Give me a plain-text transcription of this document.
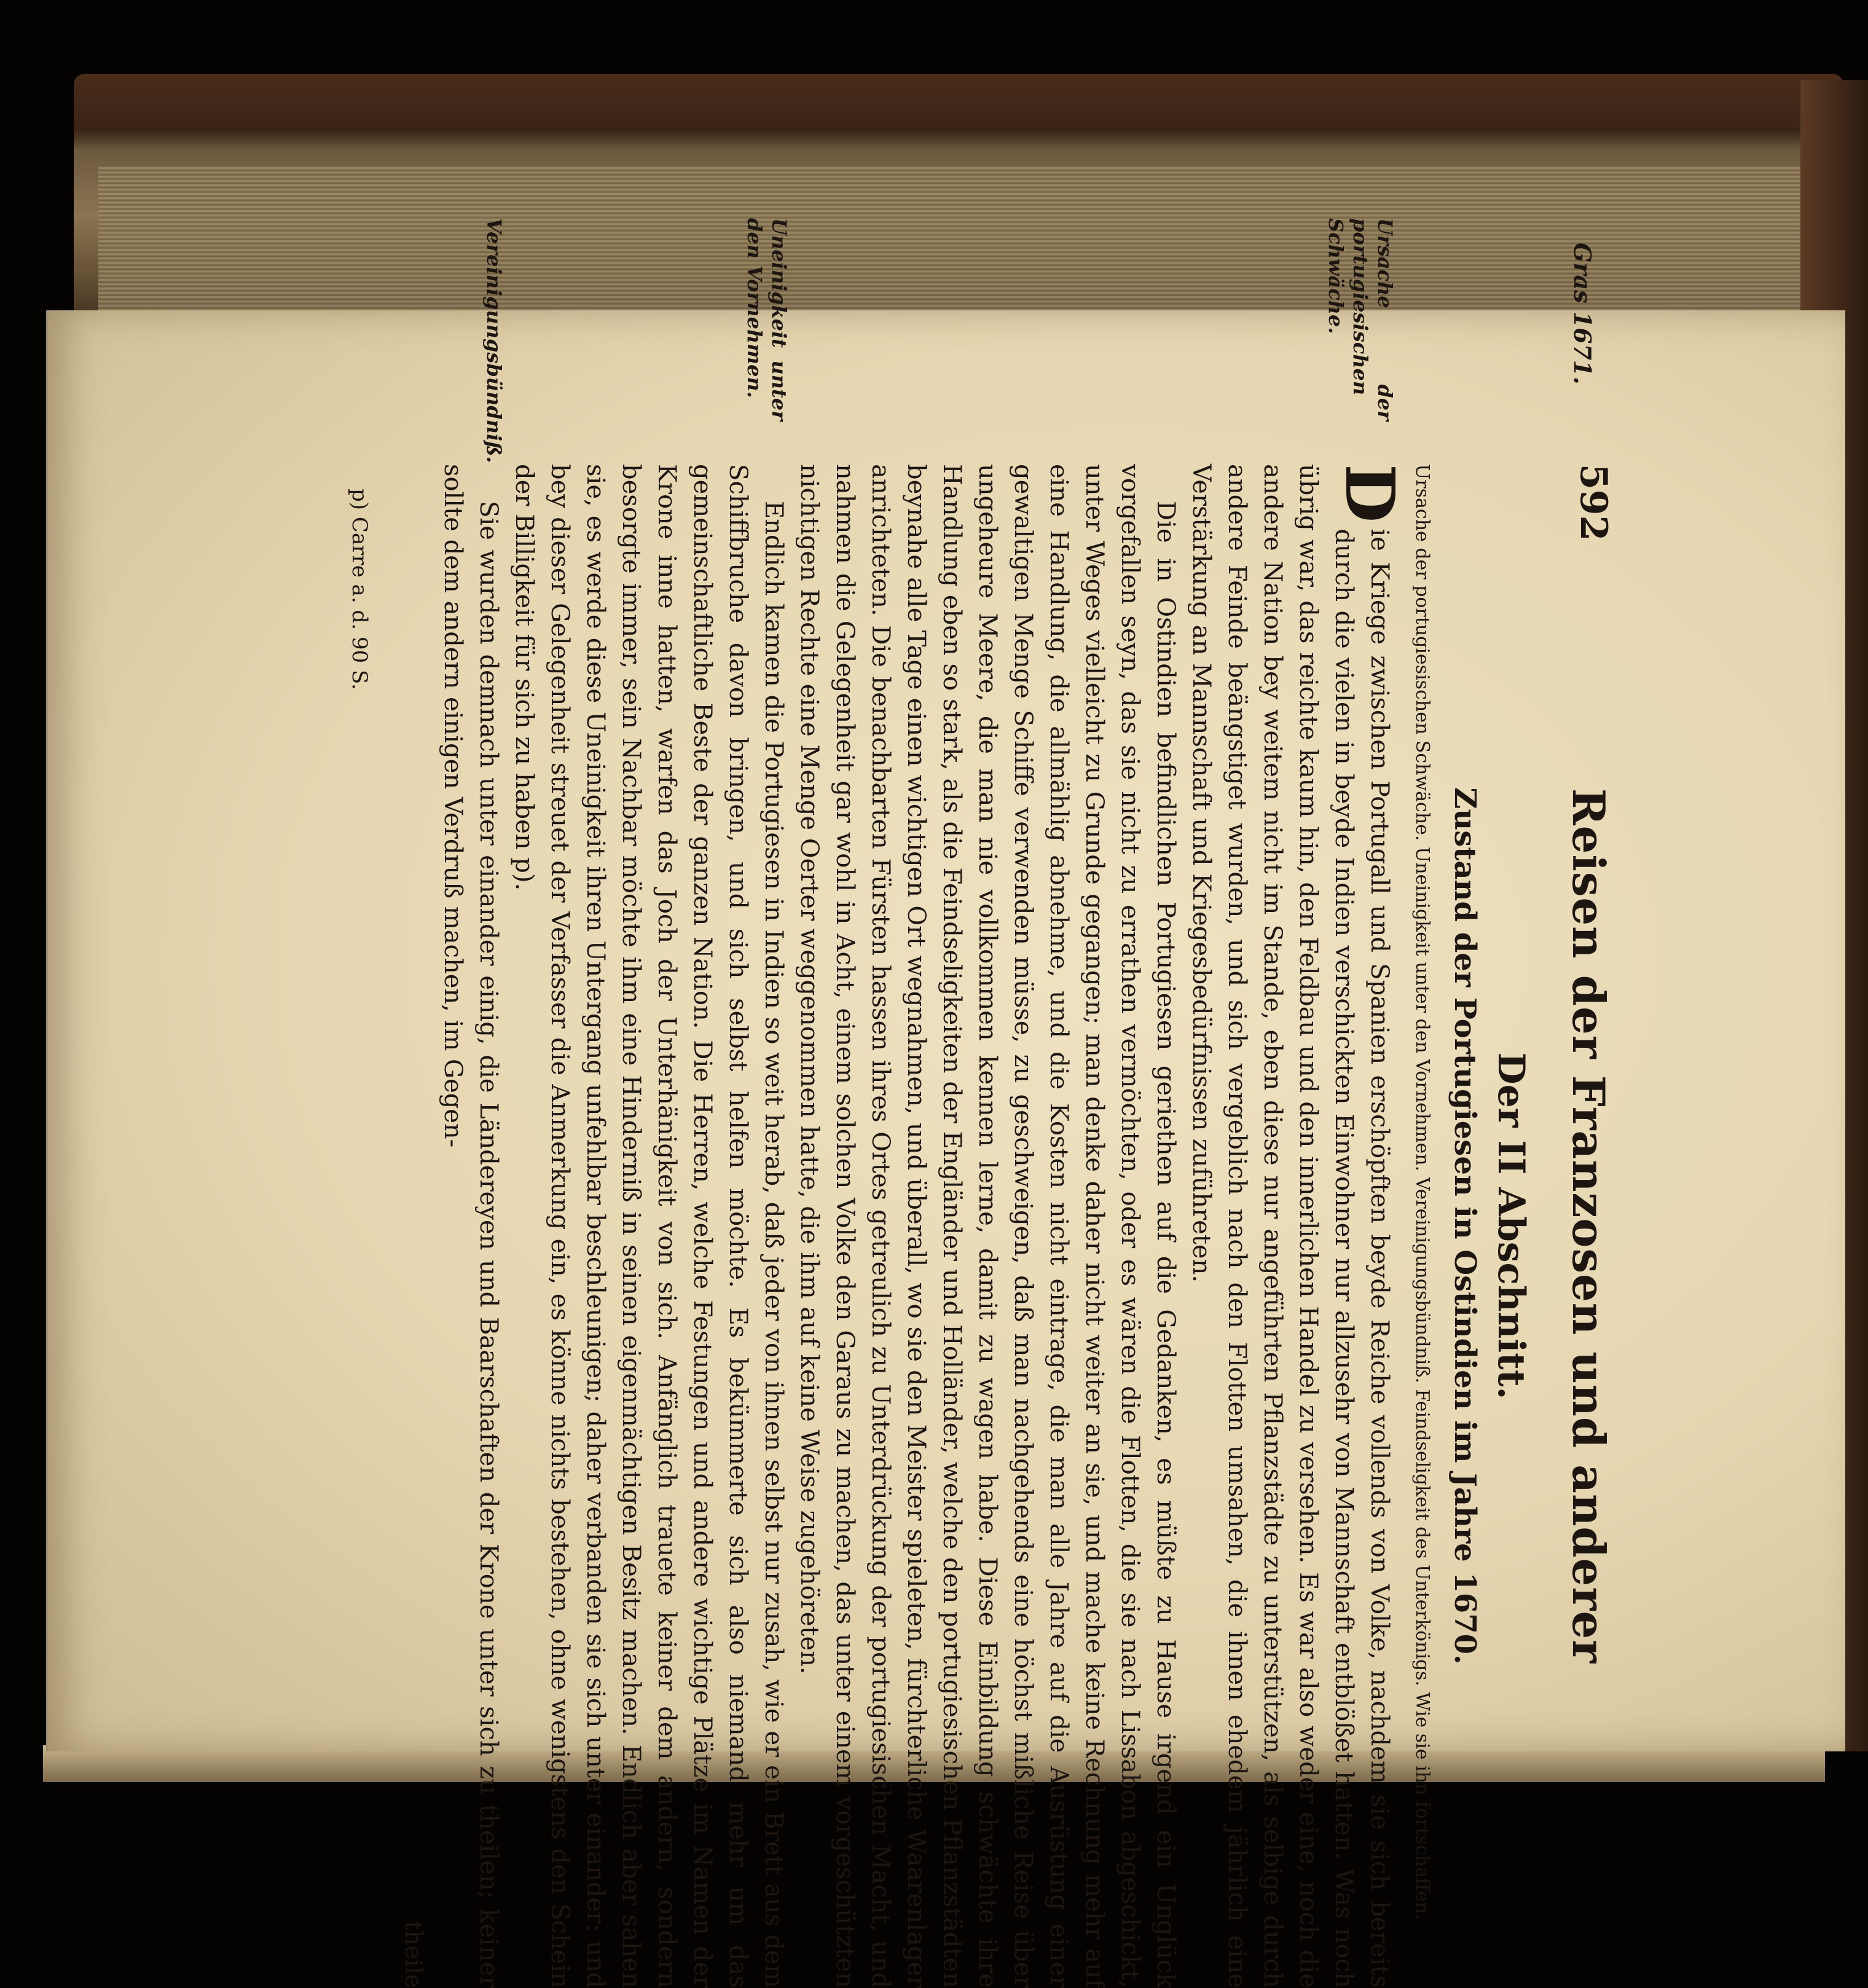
Gras 1671.
592
Reisen der Franzosen und anderer
Der II Abschnitt.
Zustand der Portugiesen in Ostindien im Jahre 1670.
Ursache der portugiesischen Schwäche. Uneinigkeit unter den Vornehmen. Vereinigungsbündniß. Feindseligkeit des Unterkönigs. Wie sie ihn fortschaffen.
Ursache der portugiesischen Schwäche.

D
ie Kriege zwischen Portugall und Spanien erschöpften beyde Reiche vollends von Volke, nachdem sie sich bereits durch die vielen in beyde Indien verschickten Einwohner nur allzusehr von Mannschaft entblößet hatten. Was noch übrig war, das reichte kaum hin, den Feldbau und den innerlichen Handel zu versehen. Es war also weder eine, noch die andere Nation bey weitem nicht im Stande, eben diese nur angeführten Pflanzstädte zu unterstützen, als selbige durch andere Feinde beängstiget wurden, und sich vergeblich nach den Flotten umsahen, die ihnen ehedem jährlich eine Verstärkung an Mannschaft und Kriegesbedürfnissen zuführeten.

Die in Ostindien befindlichen Portugiesen geriethen auf die Gedanken, es müßte zu Hause irgend ein Unglück vorgefallen seyn, das sie nicht zu errathen vermöchten, oder es wären die Flotten, die sie nach Lissabon abgeschickt, unter Weges vielleicht zu Grunde gegangen; man denke daher nicht weiter an sie, und mache keine Rechnung mehr auf eine Handlung, die allmählig abnehme, und die Kosten nicht eintrage, die man alle Jahre auf die Ausrüstung einer gewaltigen Menge Schiffe verwenden müsse, zu geschweigen, daß man nachgehends eine höchst mißliche Reise über ungeheure Meere, die man nie vollkommen kennen lerne, damit zu wagen habe. Diese Einbildung schwächte ihre Handlung eben so stark, als die Feindseligkeiten der Engländer und Holländer, welche den portugiesischen Pflanzstädten beynahe alle Tage einen wichtigen Ort wegnahmen, und überall, wo sie den Meister spieleten, fürchterliche Waarenlager anrichteten. Die benachbarten Fürsten hassen ihres Ortes getreulich zu Unterdrückung der portugiesischen Macht, und nahmen die Gelegenheit gar wohl in Acht, einem solchen Volke den Garaus zu machen, das unter einem vorgeschützten nichtigen Rechte eine Menge Oerter weggenommen hatte, die ihm auf keine Weise zugehöreten.

Uneinigkeit unter den Vornehmen.

Endlich kamen die Portugiesen in Indien so weit herab, daß jeder von ihnen selbst nur zusah, wie er ein Brett aus dem Schiffbruche davon bringen, und sich selbst helfen möchte. Es bekümmerte sich also niemand mehr um das gemeinschaftliche Beste der ganzen Nation. Die Herren, welche Festungen und andere wichtige Plätze im Namen der Krone inne hatten, warfen das Joch der Unterhänigkeit von sich. Anfänglich trauete keiner dem andern, sondern besorgte immer, sein Nachbar möchte ihm eine Hinderniß in seinen eigenmächtigen Besitz machen. Endlich aber sahen sie, es werde diese Uneinigkeit ihren Untergang unfehlbar beschleunigen; daher verbanden sie sich unter einander: und bey dieser Gelegenheit streuet der Verfasser die Anmerkung ein, es könne nichts bestehen, ohne wenigstens den Schein der Billigkeit für sich zu haben p).

Vereinigungsbündniß.

Sie wurden demnach unter einander einig, die Ländereyen und Baarschaften der Krone unter sich zu theilen; keiner sollte dem andern einigen Verdruß machen, im Gegen-

theile
p) Carre a. d. 90 S.
